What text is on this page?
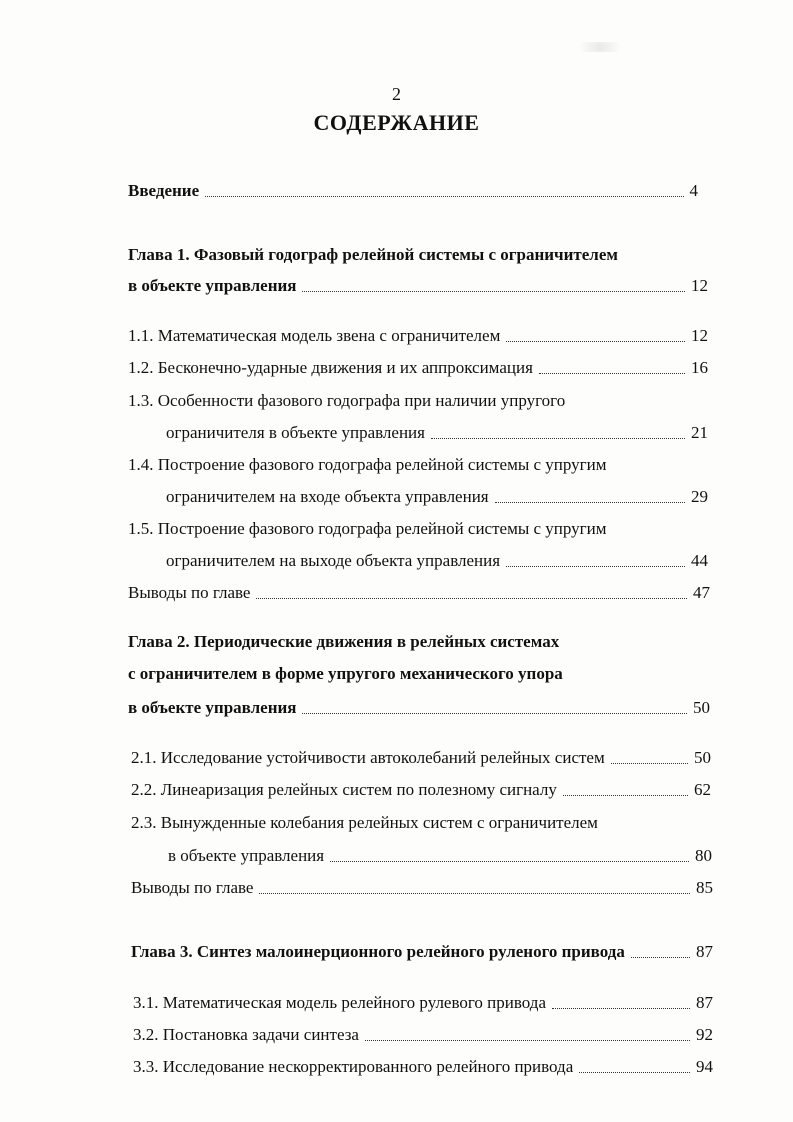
2
СОДЕРЖАНИЕ
Введение	4
Глава 1. Фазовый годограф релейной системы с ограничителем
в объекте управления	12
1.1. Математическая модель звена с ограничителем	12
1.2. Бесконечно-ударные движения и их аппроксимация	16
1.3. Особенности фазового годографа при наличии упругого
ограничителя в объекте управления	21
1.4. Построение фазового годографа релейной системы с упругим
ограничителем на входе объекта управления	29
1.5. Построение фазового годографа релейной системы с упругим
ограничителем на выходе объекта управления	44
Выводы по главе	47
Глава 2. Периодические движения в релейных системах
с ограничителем в форме упругого механического упора
в объекте управления	50
2.1. Исследование устойчивости автоколебаний релейных систем	50
2.2. Линеаризация релейных систем по полезному сигналу	62
2.3. Вынужденные колебания релейных систем с ограничителем
в объекте управления	80
Выводы по главе	85
Глава 3. Синтез малоинерционного релейного руленого привода	87
3.1. Математическая модель релейного рулевого привода	87
3.2. Постановка задачи синтеза	92
3.3. Исследование нескорректированного релейного привода	94
